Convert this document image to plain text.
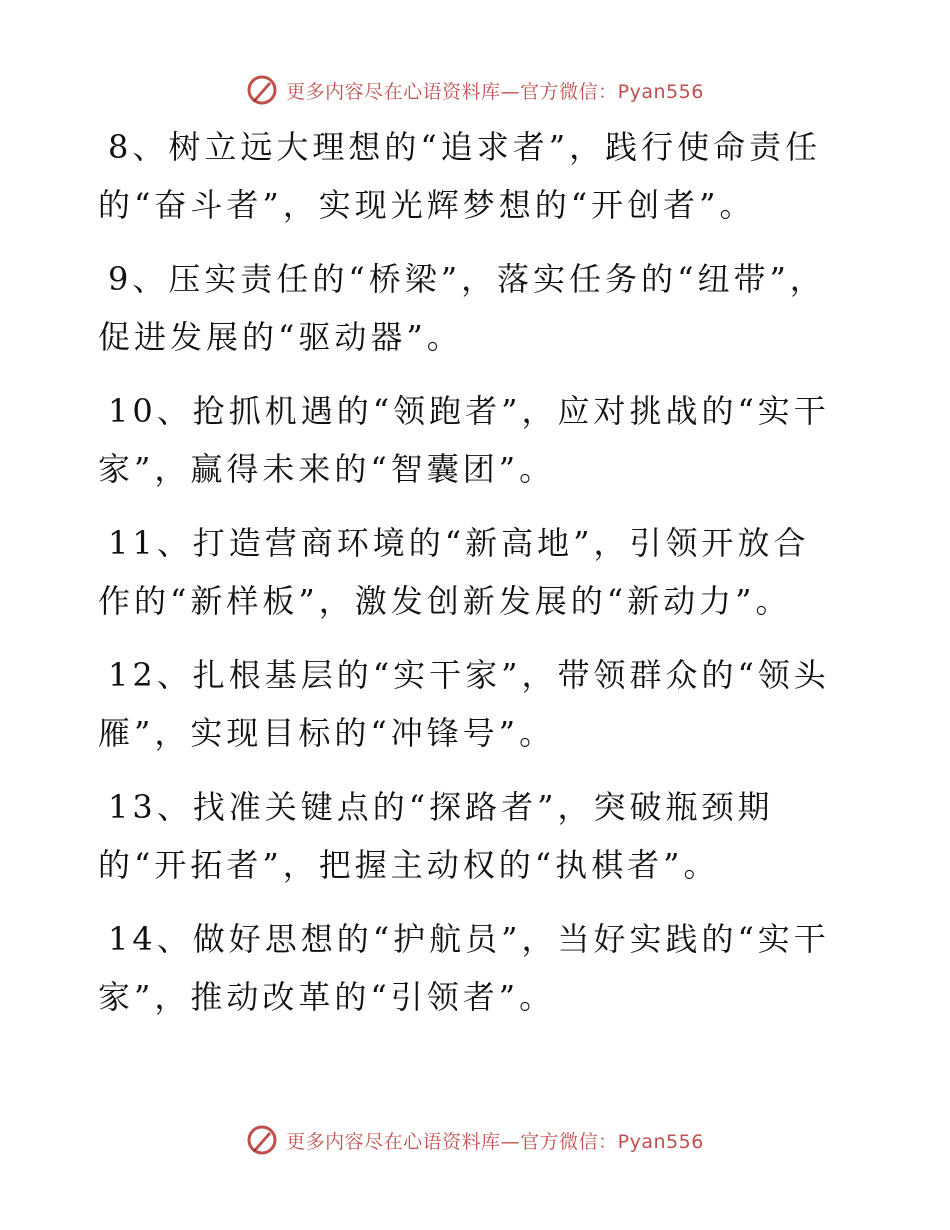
更多内容尽在心语资料库—官方微信：Pyan556

8、树立远大理想的“追求者”，践行使命责任的“奋斗者”，实现光辉梦想的“开创者”。

9、压实责任的“桥梁”，落实任务的“纽带”，促进发展的“驱动器”。

10、抢抓机遇的“领跑者”，应对挑战的“实干家”，赢得未来的“智囊团”。

11、打造营商环境的“新高地”，引领开放合作的“新样板”，激发创新发展的“新动力”。

12、扎根基层的“实干家”，带领群众的“领头雁”，实现目标的“冲锋号”。

13、找准关键点的“探路者”，突破瓶颈期的“开拓者”，把握主动权的“执棋者”。

14、做好思想的“护航员”，当好实践的“实干家”，推动改革的“引领者”。

更多内容尽在心语资料库—官方微信：Pyan556
